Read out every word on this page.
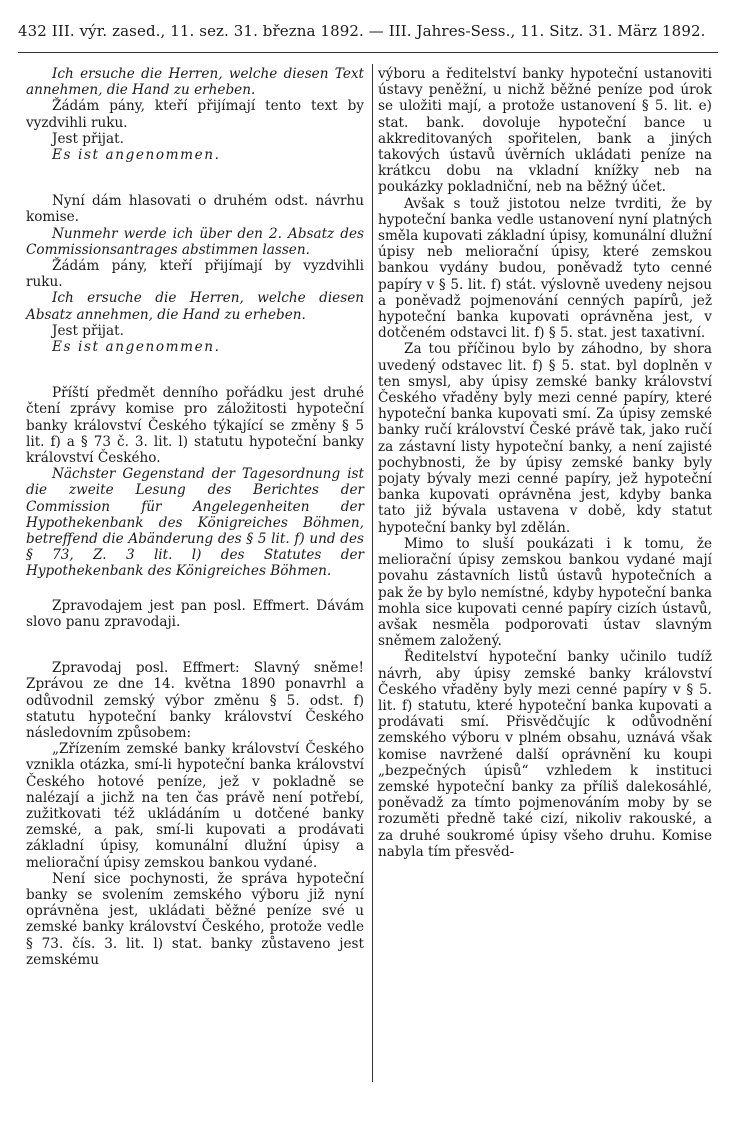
432 III. výr. zased., 11. sez. 31. března 1892. — III. Jahres-Sess., 11. Sitz. 31. März 1892.

Ich ersuche die Herren, welche diesen Text annehmen, die Hand zu erheben.

Žádám pány, kteří přijímají tento text by vyzdvihli ruku.

Jest přijat.

Es ist angenommen.

Nyní dám hlasovati o druhém odst. návrhu komise.

Nunmehr werde ich über den 2. Absatz des Commissionsantrages abstimmen lassen.

Žádám pány, kteří přijímají by vyzdvihli ruku.

Ich ersuche die Herren, welche diesen Absatz annehmen, die Hand zu erheben.

Jest přijat.

Es ist angenommen.

Příští předmět denního pořádku jest druhé čtení zprávy komise pro záložitosti hypoteční banky království Českého týkající se změny § 5 lit. f) a § 73 č. 3. lit. l) statutu hypoteční banky království Českého.

Nächster Gegenstand der Tagesordnung ist die zweite Lesung des Berichtes der Commission für Angelegenheiten der Hypothekenbank des Königreiches Böhmen, betreffend die Abänderung des § 5 lit. f) und des § 73, Z. 3 lit. l) des Statutes der Hypothekenbank des Königreiches Böhmen.

Zpravodajem jest pan posl. Effmert. Dávám slovo panu zpravodaji.

Zpravodaj posl. Effmert: Slavný sněme! Zprávou ze dne 14. května 1890 ponavrhl a odůvodnil zemský výbor změnu § 5. odst. f) statutu hypoteční banky království Českého následovním způsobem:

„Zřízením zemské banky království Českého vznikla otázka, smí-li hypoteční banka království Českého hotové peníze, jež v pokladně se nalézají a jichž na ten čas právě není potřebí, zužitkovati též ukládáním u dotčené banky zemské, a pak, smí-li kupovati a prodávati základní úpisy, komunální dlužní úpisy a meliorační úpisy zemskou bankou vydané.

Není sice pochynosti, že správa hypoteční banky se svolením zemského výboru již nyní oprávněna jest, ukládati běžné peníze své u zemské banky království Českého, protože vedle § 73. čís. 3. lit. l) stat. banky zůstaveno jest zemskému

výboru a ředitelství banky hypoteční ustanoviti ústavy peněžní, u nichž běžné peníze pod úrok se uložiti mají, a protože ustanovení § 5. lit. e) stat. bank. dovoluje hypoteční bance u akkreditovaných spořitelen, bank a jiných takových ústavů úvěrních ukládati peníze na krátkcu dobu na vkladní knížky neb na poukázky pokladniční, neb na běžný účet.

Avšak s touž jistotou nelze tvrditi, že by hypoteční banka vedle ustanovení nyní platných směla kupovati základní úpisy, komunální dlužní úpisy neb meliorační úpisy, které zemskou bankou vydány budou, poněvadž tyto cenné papíry v § 5. lit. f) stát. výslovně uvedeny nejsou a poněvadž pojmenování cenných papírů, jež hypoteční banka kupovati oprávněna jest, v dotčeném odstavci lit. f) § 5. stat. jest taxativní.

Za tou příčinou bylo by záhodno, by shora uvedený odstavec lit. f) § 5. stat. byl doplněn v ten smysl, aby úpisy zemské banky království Českého vřaděny byly mezi cenné papíry, které hypoteční banka kupovati smí. Za úpisy zemské banky ručí království České právě tak, jako ručí za zástavní listy hypoteční banky, a není zajisté pochybnosti, že by úpisy zemské banky byly pojaty bývaly mezi cenné papíry, jež hypoteční banka kupovati oprávněna jest, kdyby banka tato již bývala ustavena v době, kdy statut hypoteční banky byl zdělán.

Mimo to sluší poukázati i k tomu, že meliorační úpisy zemskou bankou vydané mají povahu zástavních listů ústavů hypotečních a pak že by bylo nemístné, kdyby hypoteční banka mohla sice kupovati cenné papíry cizích ústavů, avšak nesměla podporovati ústav slavným sněmem založený.

Ředitelství hypoteční banky učinilo tudíž návrh, aby úpisy zemské banky království Českého vřaděny byly mezi cenné papíry v § 5. lit. f) statutu, které hypoteční banka kupovati a prodávati smí. Přisvědčujíc k odůvodnění zemského výboru v plném obsahu, uznává však komise navržené další oprávnění ku koupi „bezpečných úpisů“ vzhledem k instituci zemské hypoteční banky za příliš dalekosáhlé, poněvadž za tímto pojmenováním moby by se rozuměti předně také cizí, nikoliv rakouské, a za druhé soukromé úpisy všeho druhu. Komise nabyla tím přesvěd-
